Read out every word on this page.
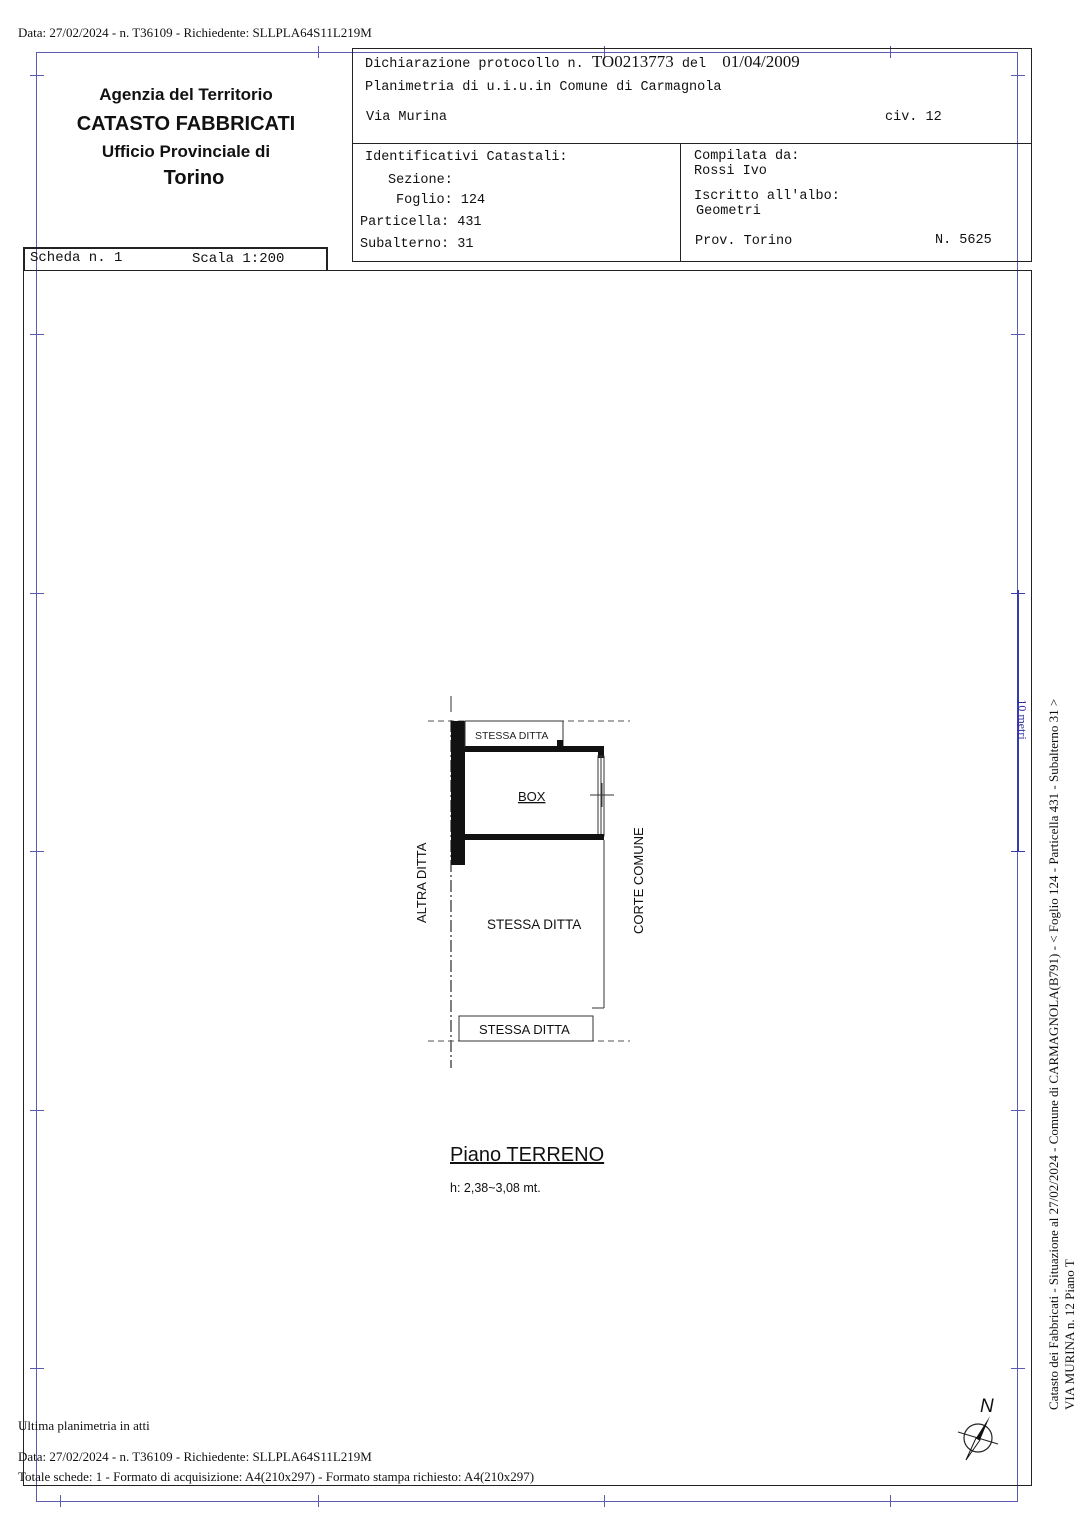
Data: 27/02/2024 - n. T36109 - Richiedente: SLLPLA64S11L219M
Agenzia del Territorio
CATASTO FABBRICATI
Ufficio Provinciale di
Torino
Scheda n. 1	Scala 1:200
Dichiarazione protocollo n. TO0213773 del 01/04/2009
Planimetria di u.i.u.in Comune di Carmagnola
Via Murina	civ. 12
Identificativi Catastali:
Sezione:
Foglio: 124
Particella: 431
Subalterno: 31
Compilata da:
Rossi Ivo
Iscritto all'albo:
Geometri
Prov. Torino	N. 5625
STESSA DITTA
BOX
STESSA DITTA
STESSA DITTA
ALTRA DITTA	CORTE COMUNE
Piano TERRENO
h: 2,38~3,08 mt.
10 metri Catasto dei Fabbricati - Situazione al 27/02/2024 - Comune di CARMAGNOLA(B791) - < Foglio 124 - Particella 431 - Subalterno 31 > VIA MURINA n. 12 Piano T
N
Ultima planimetria in atti
Data: 27/02/2024 - n. T36109 - Richiedente: SLLPLA64S11L219M
Totale schede: 1 - Formato di acquisizione: A4(210x297) - Formato stampa richiesto: A4(210x297)
